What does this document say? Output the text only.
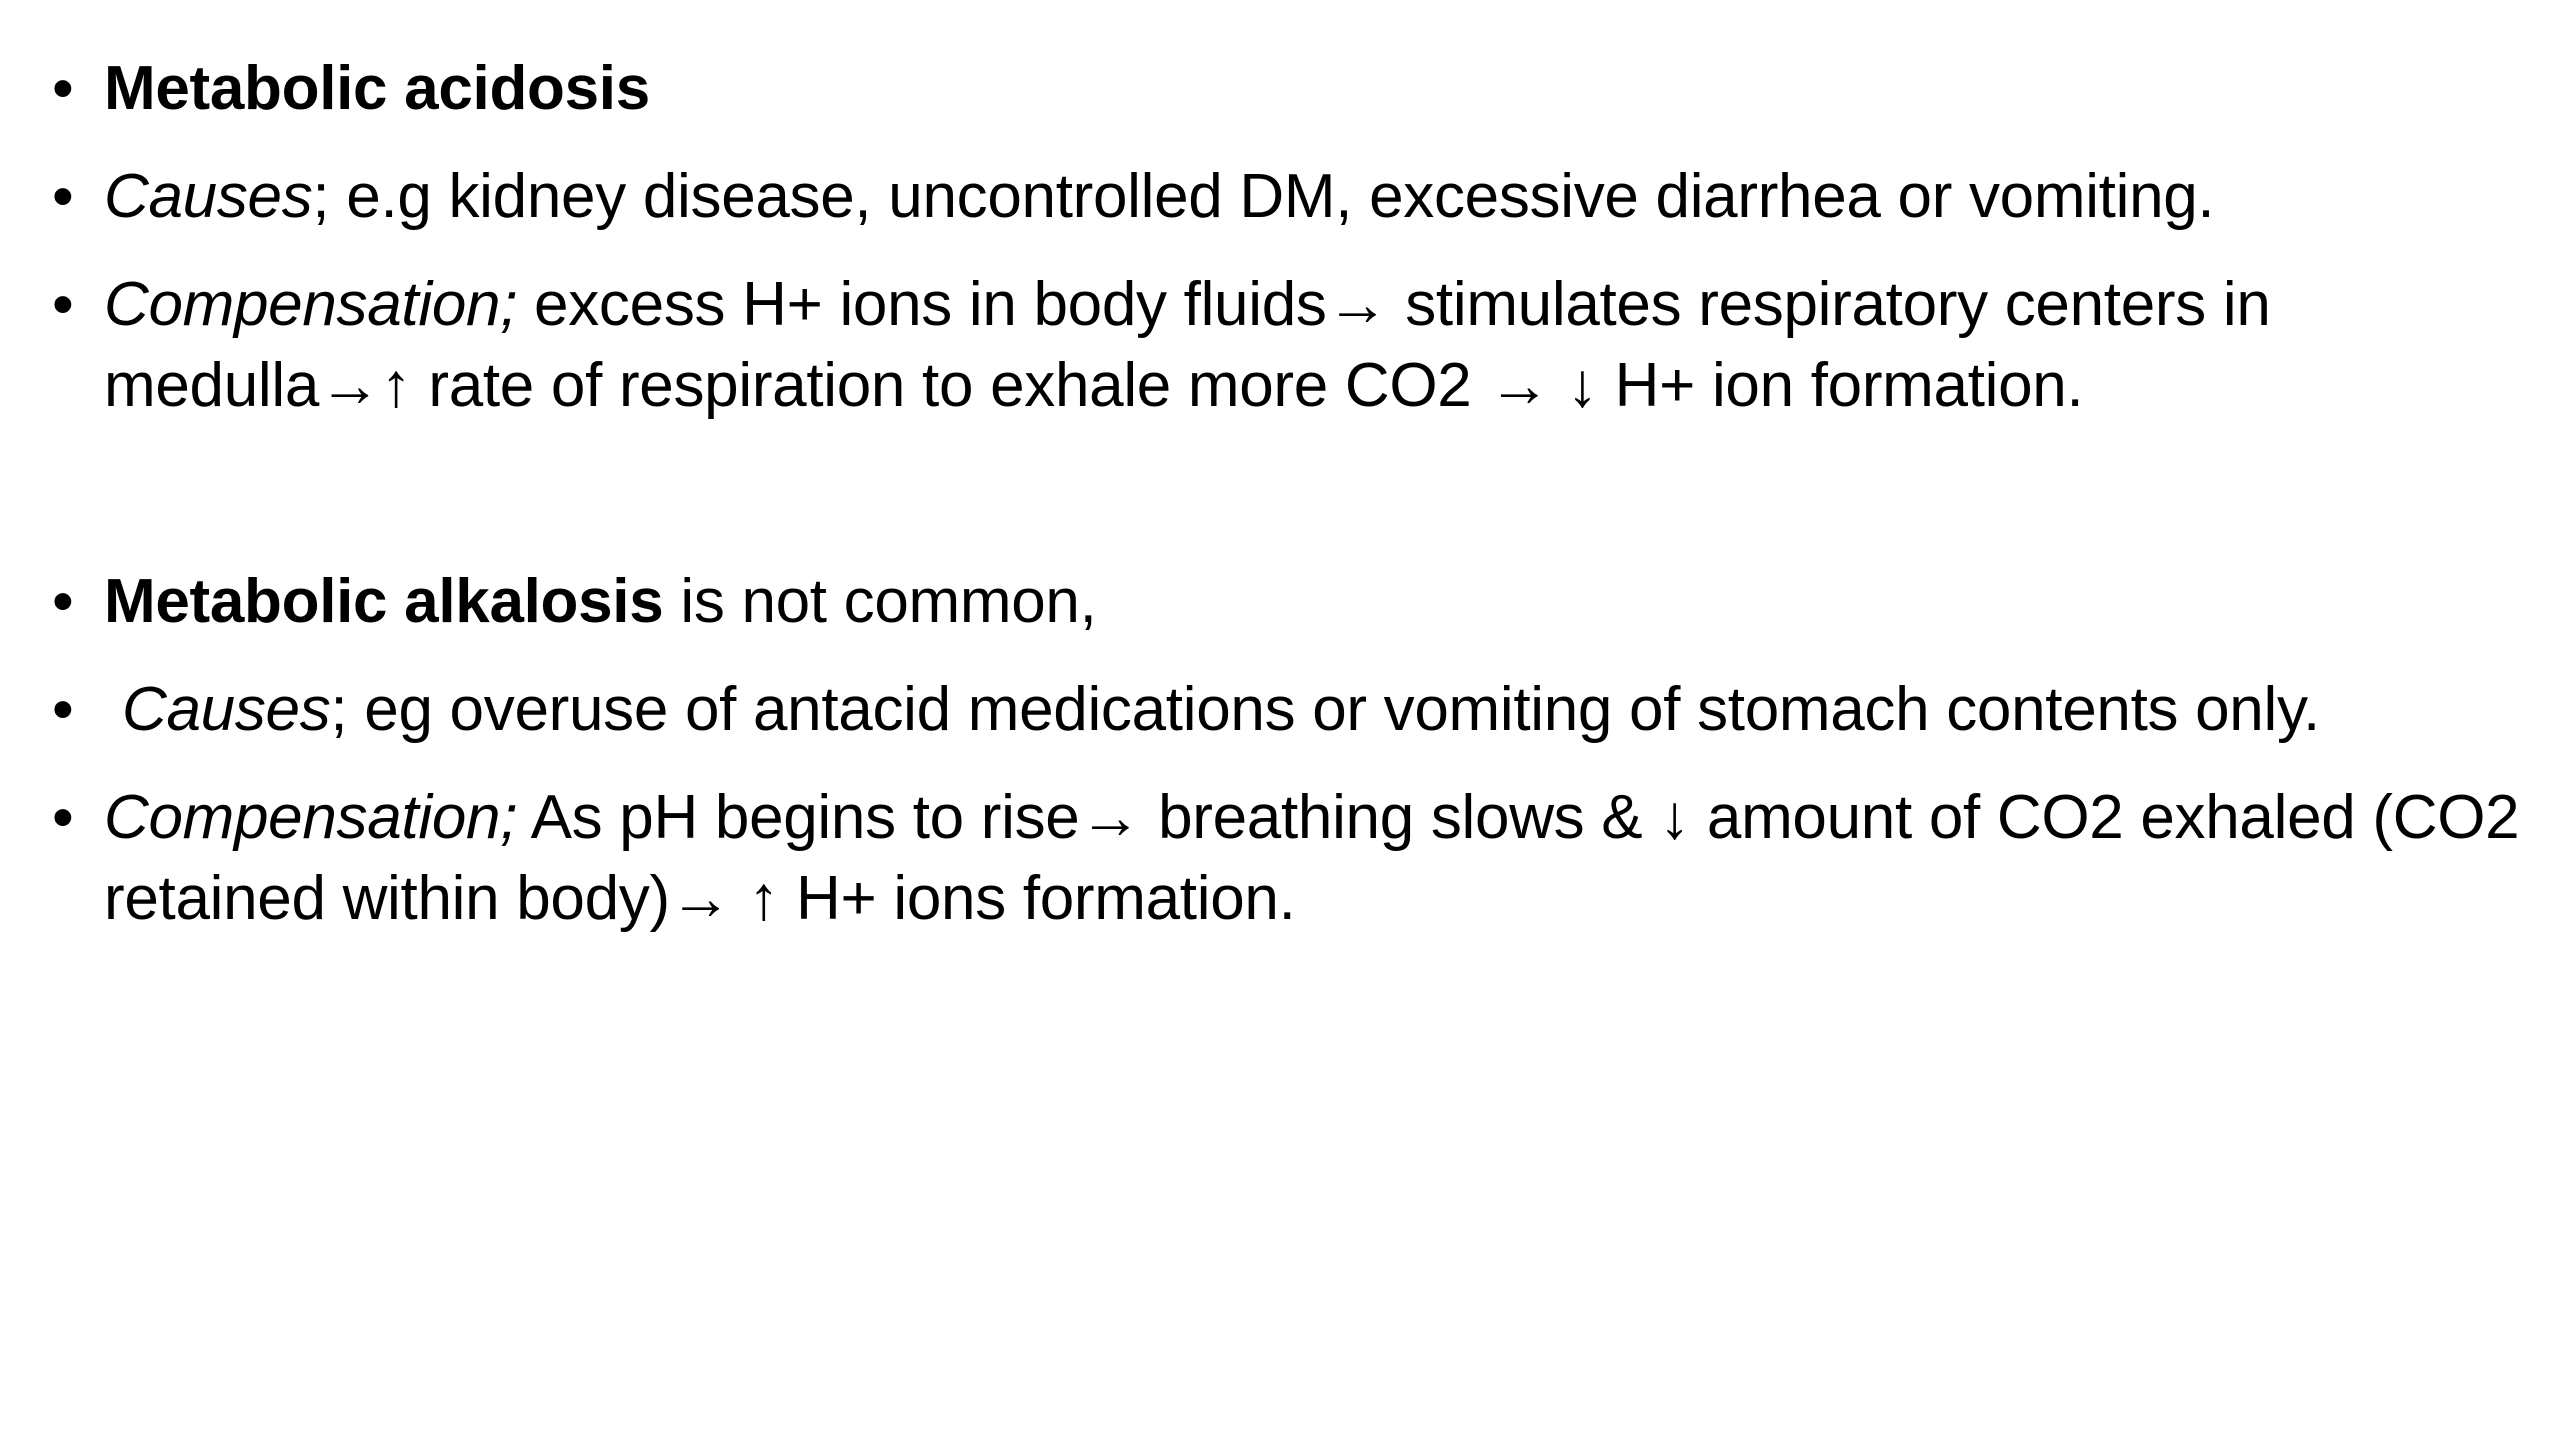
• Metabolic acidosis
• Causes; e.g kidney disease, uncontrolled DM, excessive diarrhea or vomiting.
• Compensation; excess H+ ions in body fluids→ stimulates respiratory centers in medulla→↑ rate of respiration to exhale more CO2 → ↓ H+ ion formation.
• Metabolic alkalosis is not common,
• Causes; eg overuse of antacid medications or vomiting of stomach contents only.
• Compensation; As pH begins to rise→ breathing slows & ↓ amount of CO2 exhaled (CO2 retained within body)→ ↑ H+ ions formation.
